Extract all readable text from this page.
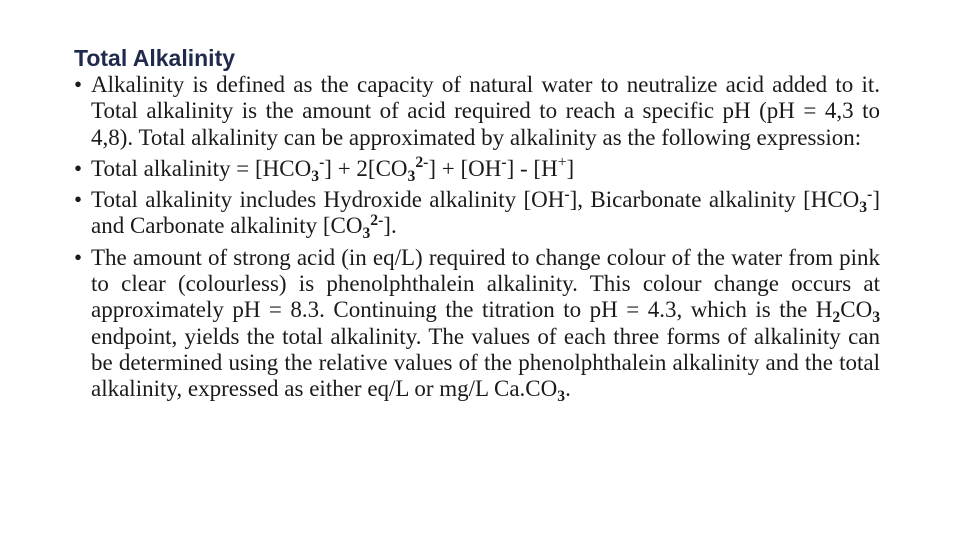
Total Alkalinity
• Alkalinity is defined as the capacity of natural water to neutralize acid added to it. Total alkalinity is the amount of acid required to reach a specific pH (pH = 4,3 to 4,8). Total alkalinity can be approximated by alkalinity as the following expression:
• Total alkalinity = $[HCO_3^-] + 2[CO_3^{2-}] + [OH^-] - [H^+]$
• Total alkalinity includes Hydroxide alkalinity [OH-], Bicarbonate alkalinity $[HCO_3^-]$ and Carbonate alkalinity $[CO_3^{2-}]$.
• The amount of strong acid (in eq/L) required to change colour of the water from pink to clear (colourless) is phenolphthalein alkalinity. This colour change occurs at approximately pH = 8.3. Continuing the titration to pH = 4.3, which is the $H_2CO_3$ endpoint, yields the total alkalinity. The values of each three forms of alkalinity can be determined using the relative values of the phenolphthalein alkalinity and the total alkalinity, expressed as either eq/L or mg/L $Ca.CO_3$.
